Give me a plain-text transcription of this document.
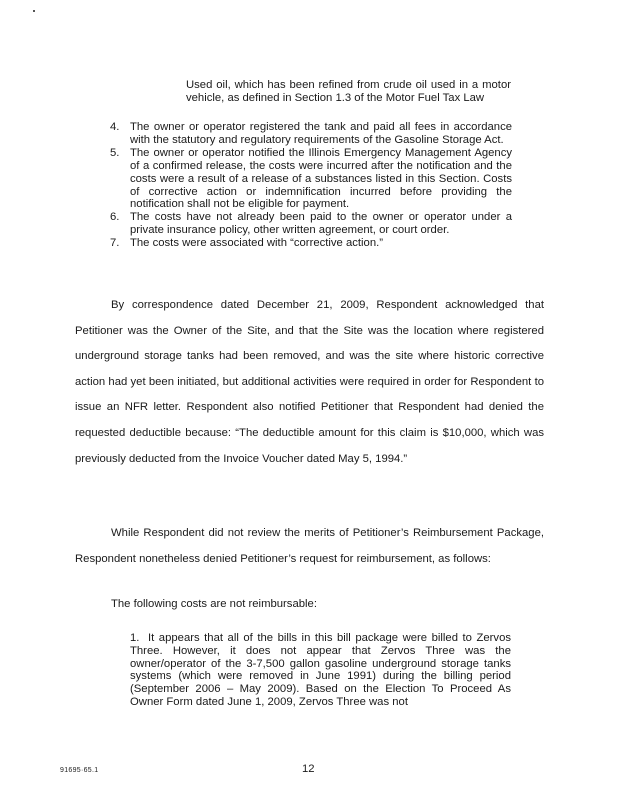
Used oil, which has been refined from crude oil used in a motor vehicle, as defined in Section 1.3 of the Motor Fuel Tax Law
4. The owner or operator registered the tank and paid all fees in accordance with the statutory and regulatory requirements of the Gasoline Storage Act.
5. The owner or operator notified the Illinois Emergency Management Agency of a confirmed release, the costs were incurred after the notification and the costs were a result of a release of a substances listed in this Section. Costs of corrective action or indemnification incurred before providing the notification shall not be eligible for payment.
6. The costs have not already been paid to the owner or operator under a private insurance policy, other written agreement, or court order.
7. The costs were associated with “corrective action.”

By correspondence dated December 21, 2009, Respondent acknowledged that Petitioner was the Owner of the Site, and that the Site was the location where registered underground storage tanks had been removed, and was the site where historic corrective action had yet been initiated, but additional activities were required in order for Respondent to issue an NFR letter. Respondent also notified Petitioner that Respondent had denied the requested deductible because: “The deductible amount for this claim is $10,000, which was previously deducted from the Invoice Voucher dated May 5, 1994.”

While Respondent did not review the merits of Petitioner’s Reimbursement Package, Respondent nonetheless denied Petitioner’s request for reimbursement, as follows:

The following costs are not reimbursable:

1. It appears that all of the bills in this bill package were billed to Zervos Three. However, it does not appear that Zervos Three was the owner/operator of the 3-7,500 gallon gasoline underground storage tanks systems (which were removed in June 1991) during the billing period (September 2006 – May 2009). Based on the Election To Proceed As Owner Form dated June 1, 2009, Zervos Three was not

91695·65.1	12
